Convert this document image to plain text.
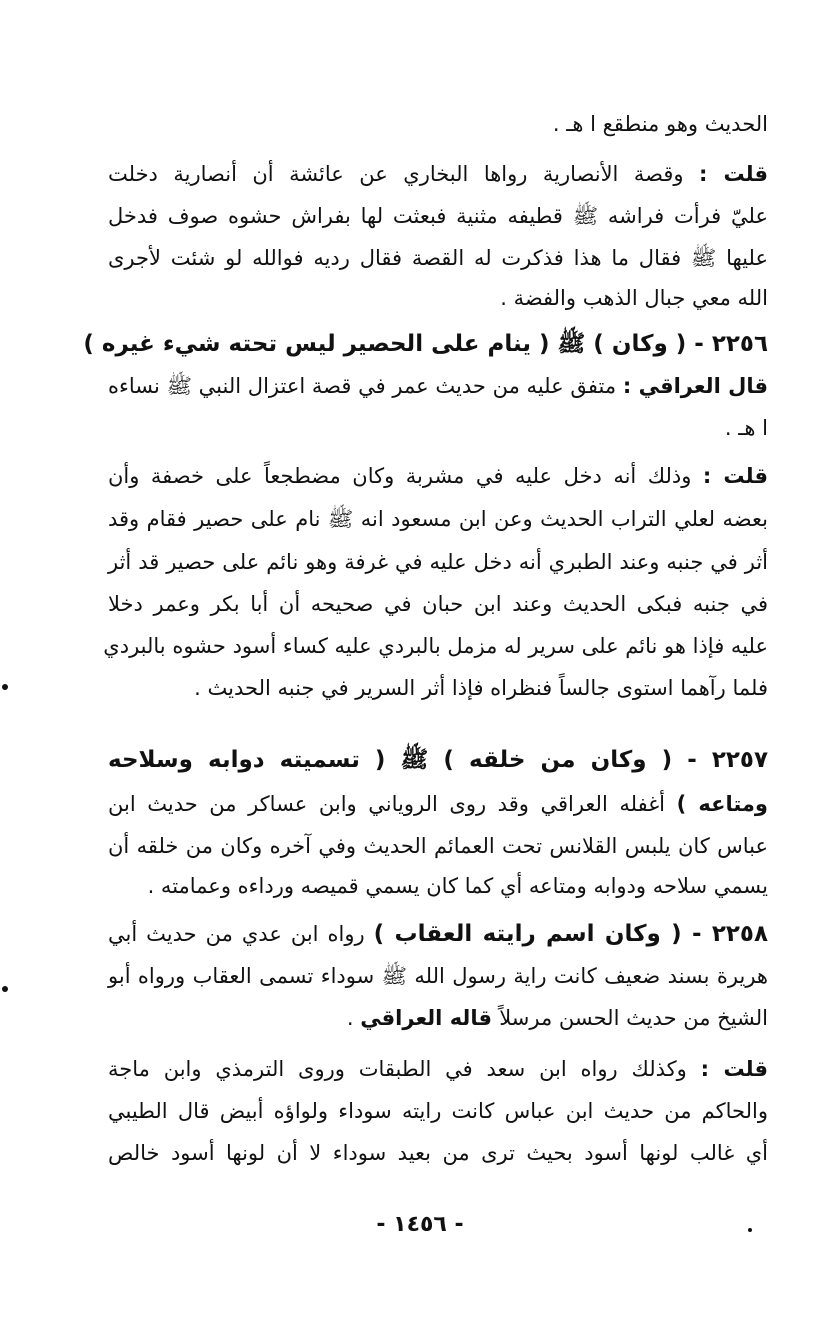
الحديث وهو منطقع ا هـ .
قلت : وقصة الأنصارية رواها البخاري عن عائشة أن أنصارية دخلت
عليّ فرأت فراشه ﷺ قطيفه مثنية فبعثت لها بفراش حشوه صوف فدخل
عليها ﷺ فقال ما هذا فذكرت له القصة فقال رديه فوالله لو شئت لأجرى
الله معي جبال الذهب والفضة .
٢٢٥٦ - ( وكان ) ﷺ ( ينام على الحصير ليس تحته شيء غيره )
قال العراقي : متفق عليه من حديث عمر في قصة اعتزال النبي ﷺ نساءه
ا هـ .
قلت : وذلك أنه دخل عليه في مشربة وكان مضطجعاً على خصفة وأن
بعضه لعلي التراب الحديث وعن ابن مسعود انه ﷺ نام على حصير فقام وقد
أثر في جنبه وعند الطبري أنه دخل عليه في غرفة وهو نائم على حصير قد أثر
في جنبه فبكى الحديث وعند ابن حبان في صحيحه أن أبا بكر وعمر دخلا
عليه فإذا هو نائم على سرير له مزمل بالبردي عليه كساء أسود حشوه بالبردي
فلما رآهما استوى جالساً فنظراه فإذا أثر السرير في جنبه الحديث .
٢٢٥٧ - ( وكان من خلقه ) ﷺ ( تسميته دوابه وسلاحه
ومتاعه ) أغفله العراقي وقد روى الروياني وابن عساكر من حديث ابن
عباس كان يلبس القلانس تحت العمائم الحديث وفي آخره وكان من خلقه أن
يسمي سلاحه ودوابه ومتاعه أي كما كان يسمي قميصه ورداءه وعمامته .
٢٢٥٨ - ( وكان اسم رايته العقاب ) رواه ابن عدي من حديث أبي
هريرة بسند ضعيف كانت راية رسول الله ﷺ سوداء تسمى العقاب ورواه أبو
الشيخ من حديث الحسن مرسلاً قاله العراقي .
قلت : وكذلك رواه ابن سعد في الطبقات وروى الترمذي وابن ماجة
والحاكم من حديث ابن عباس كانت رايته سوداء ولواؤه أبيض قال الطيبي
أي غالب لونها أسود بحيث ترى من بعيد سوداء لا أن لونها أسود خالص
- ١٤٥٦ -
